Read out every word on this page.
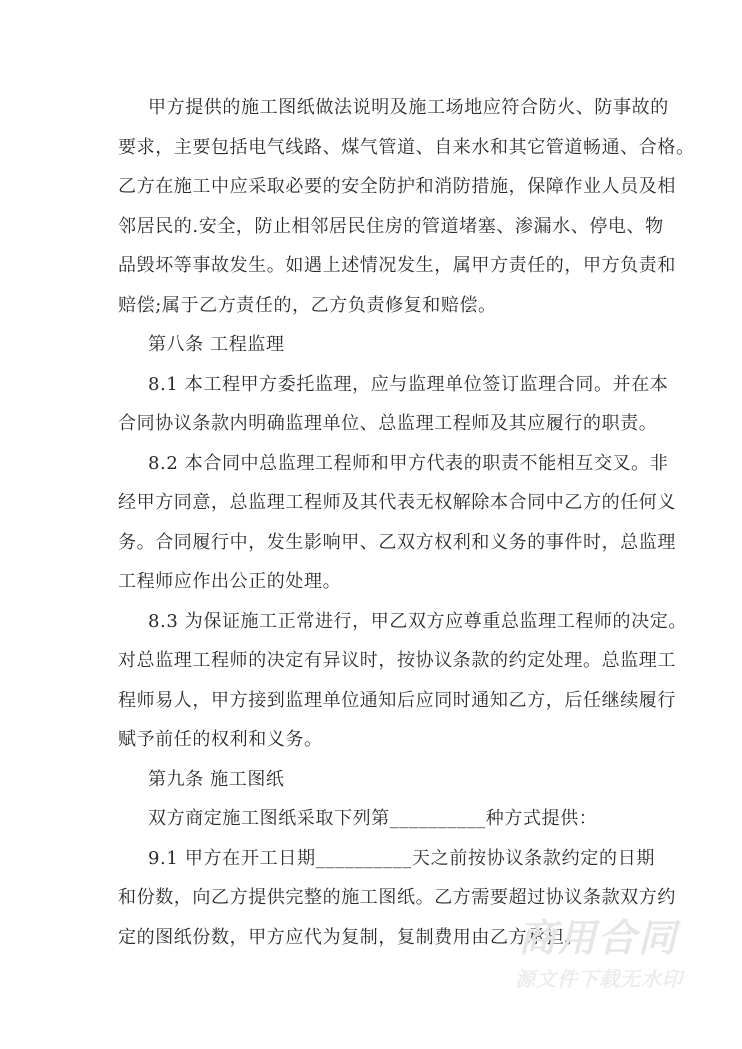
甲方提供的施工图纸做法说明及施工场地应符合防火、防事故的
要求，主要包括电气线路、煤气管道、自来水和其它管道畅通、合格。
乙方在施工中应采取必要的安全防护和消防措施，保障作业人员及相
邻居民的.安全，防止相邻居民住房的管道堵塞、渗漏水、停电、物
品毁坏等事故发生。如遇上述情况发生，属甲方责任的，甲方负责和
赔偿;属于乙方责任的，乙方负责修复和赔偿。
第八条 工程监理
8.1 本工程甲方委托监理，应与监理单位签订监理合同。并在本
合同协议条款内明确监理单位、总监理工程师及其应履行的职责。
8.2 本合同中总监理工程师和甲方代表的职责不能相互交叉。非
经甲方同意，总监理工程师及其代表无权解除本合同中乙方的任何义
务。合同履行中，发生影响甲、乙双方权利和义务的事件时，总监理
工程师应作出公正的处理。
8.3 为保证施工正常进行，甲乙双方应尊重总监理工程师的决定。
对总监理工程师的决定有异议时，按协议条款的约定处理。总监理工
程师易人，甲方接到监理单位通知后应同时通知乙方，后任继续履行
赋予前任的权利和义务。
第九条 施工图纸
双方商定施工图纸采取下列第__________种方式提供：
9.1 甲方在开工日期__________天之前按协议条款约定的日期
和份数，向乙方提供完整的施工图纸。乙方需要超过协议条款双方约
定的图纸份数，甲方应代为复制，复制费用由乙方承担。
商用合同
源文件下载无水印
